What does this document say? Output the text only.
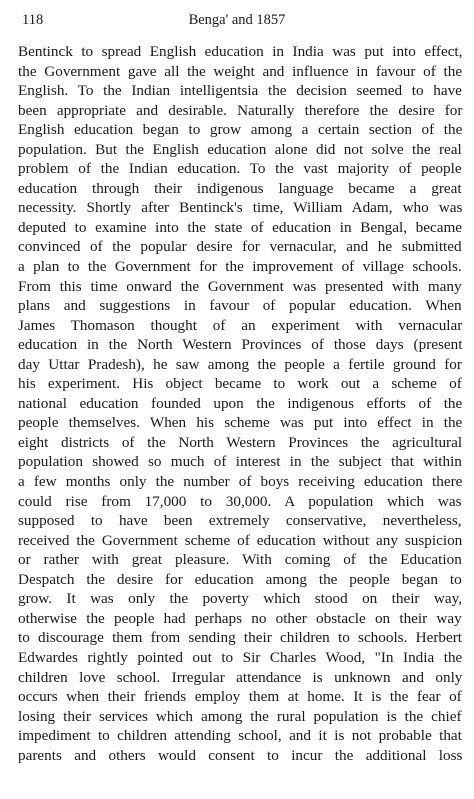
118	Benga' and 1857
Bentinck to spread English education in India was put into effect,
the Government gave all the weight and influence in favour of the
English. To the Indian intelligentsia the decision seemed to have
been appropriate and desirable. Naturally therefore the desire for
English education began to grow among a certain section of the
population. But the English education alone did not solve the real
problem of the Indian education. To the vast majority of people
education through their indigenous language became a great
necessity. Shortly after Bentinck's time, William Adam, who was
deputed to examine into the state of education in Bengal, became
convinced of the popular desire for vernacular, and he submitted
a plan to the Government for the improvement of village schools.
From this time onward the Government was presented with many
plans and suggestions in favour of popular education. When
James Thomason thought of an experiment with vernacular
education in the North Western Provinces of those days (present
day Uttar Pradesh), he saw among the people a fertile ground for
his experiment. His object became to work out a scheme of
national education founded upon the indigenous efforts of the
people themselves. When his scheme was put into effect in the
eight districts of the North Western Provinces the agricultural
population showed so much of interest in the subject that within
a few months only the number of boys receiving education there
could rise from 17,000 to 30,000. A population which was
supposed to have been extremely conservative, nevertheless,
received the Government scheme of education without any suspicion
or rather with great pleasure. With coming of the Education
Despatch the desire for education among the people began to
grow. It was only the poverty which stood on their way,
otherwise the people had perhaps no other obstacle on their way
to discourage them from sending their children to schools. Herbert
Edwardes rightly pointed out to Sir Charles Wood, "In India the
children love school. Irregular attendance is unknown and only
occurs when their friends employ them at home. It is the fear of
losing their services which among the rural population is the chief
impediment to children attending school, and it is not probable that
parents and others would consent to incur the additional loss
